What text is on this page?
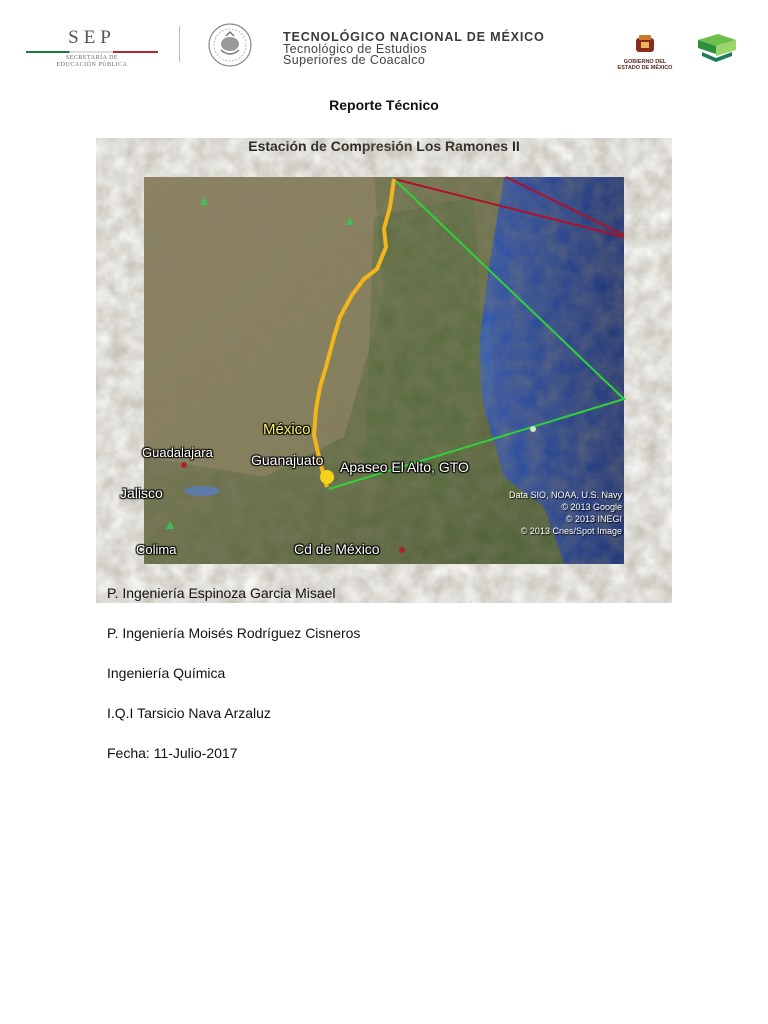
SEP
SECRETARÍA DE
EDUCACIÓN PÚBLICA
TECNOLÓGICO NACIONAL DE MÉXICO
Tecnológico de Estudios
Superiores de Coacalco	GOBIERNO DEL
ESTADO DE MÉXICO
Reporte Técnico
Estación de Compresión Los Ramones II
México
Guadalajara	Guanajuato Apaseo El Alto, GTO
Jalisco
Colima	Cd de México
Data SIO, NOAA, U.S. Navy
© 2013 Google
© 2013 INEGI
© 2013 Cnes/Spot Image
P. Ingeniería Espinoza Garcia Misael
P. Ingeniería Moisés Rodríguez Cisneros
Ingeniería Química
I.Q.I Tarsicio Nava Arzaluz
Fecha: 11-Julio-2017
